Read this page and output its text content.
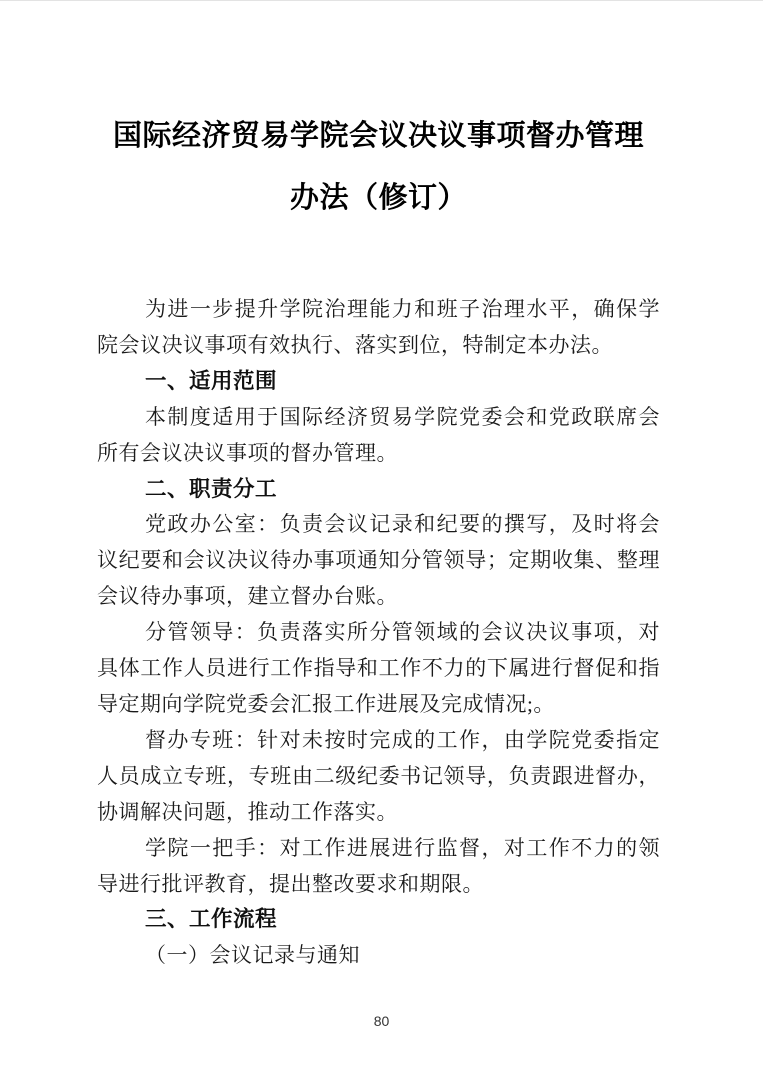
国际经济贸易学院会议决议事项督办管理
办法（修订）

为进一步提升学院治理能力和班子治理水平，确保学院会议决议事项有效执行、落实到位，特制定本办法。

一、适用范围

本制度适用于国际经济贸易学院党委会和党政联席会所有会议决议事项的督办管理。

二、职责分工

党政办公室：负责会议记录和纪要的撰写，及时将会议纪要和会议决议待办事项通知分管领导；定期收集、整理会议待办事项，建立督办台账。

分管领导：负责落实所分管领域的会议决议事项，对具体工作人员进行工作指导和工作不力的下属进行督促和指导定期向学院党委会汇报工作进展及完成情况;。

督办专班：针对未按时完成的工作，由学院党委指定人员成立专班，专班由二级纪委书记领导，负责跟进督办，协调解决问题，推动工作落实。

学院一把手：对工作进展进行监督，对工作不力的领导进行批评教育，提出整改要求和期限。

三、工作流程

（一）会议记录与通知

80
